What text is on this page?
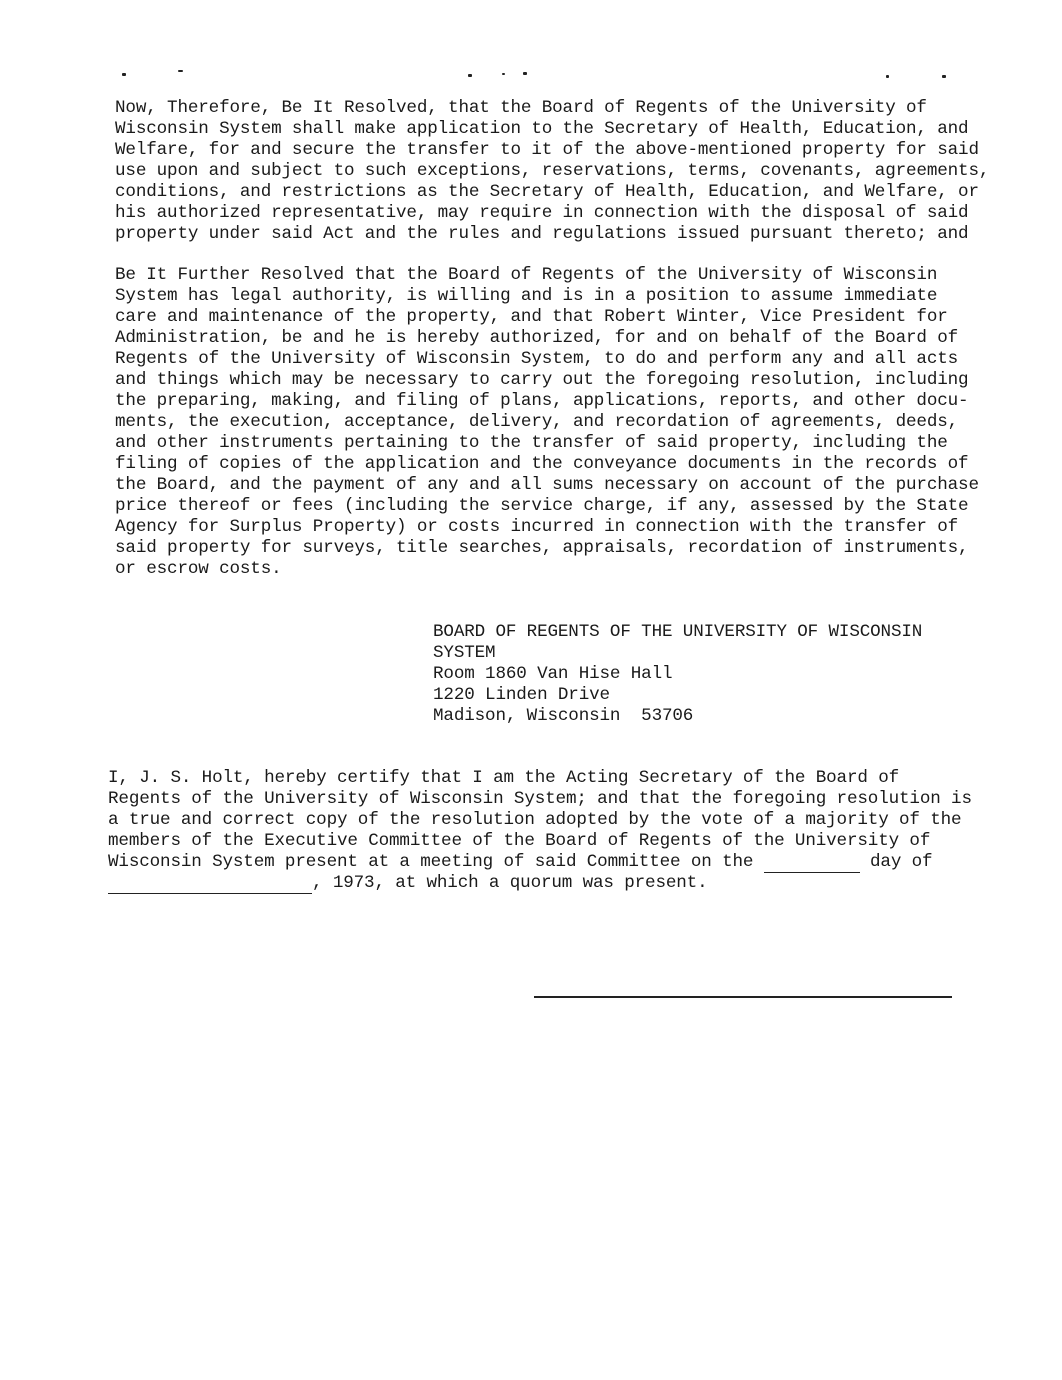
Now, Therefore, Be It Resolved, that the Board of Regents of the University of
Wisconsin System shall make application to the Secretary of Health, Education, and
Welfare, for and secure the transfer to it of the above-mentioned property for said
use upon and subject to such exceptions, reservations, terms, covenants, agreements,
conditions, and restrictions as the Secretary of Health, Education, and Welfare, or
his authorized representative, may require in connection with the disposal of said
property under said Act and the rules and regulations issued pursuant thereto; and
Be It Further Resolved that the Board of Regents of the University of Wisconsin
System has legal authority, is willing and is in a position to assume immediate
care and maintenance of the property, and that Robert Winter, Vice President for
Administration, be and he is hereby authorized, for and on behalf of the Board of
Regents of the University of Wisconsin System, to do and perform any and all acts
and things which may be necessary to carry out the foregoing resolution, including
the preparing, making, and filing of plans, applications, reports, and other docu-
ments, the execution, acceptance, delivery, and recordation of agreements, deeds,
and other instruments pertaining to the transfer of said property, including the
filing of copies of the application and the conveyance documents in the records of
the Board, and the payment of any and all sums necessary on account of the purchase
price thereof or fees (including the service charge, if any, assessed by the State
Agency for Surplus Property) or costs incurred in connection with the transfer of
said property for surveys, title searches, appraisals, recordation of instruments,
or escrow costs.
BOARD OF REGENTS OF THE UNIVERSITY OF WISCONSIN
SYSTEM
Room 1860 Van Hise Hall
1220 Linden Drive
Madison, Wisconsin  53706
I, J. S. Holt, hereby certify that I am the Acting Secretary of the Board of
Regents of the University of Wisconsin System; and that the foregoing resolution is
a true and correct copy of the resolution adopted by the vote of a majority of the
members of the Executive Committee of the Board of Regents of the University of
Wisconsin System present at a meeting of said Committee on the	day of
, 1973, at which a quorum was present.
